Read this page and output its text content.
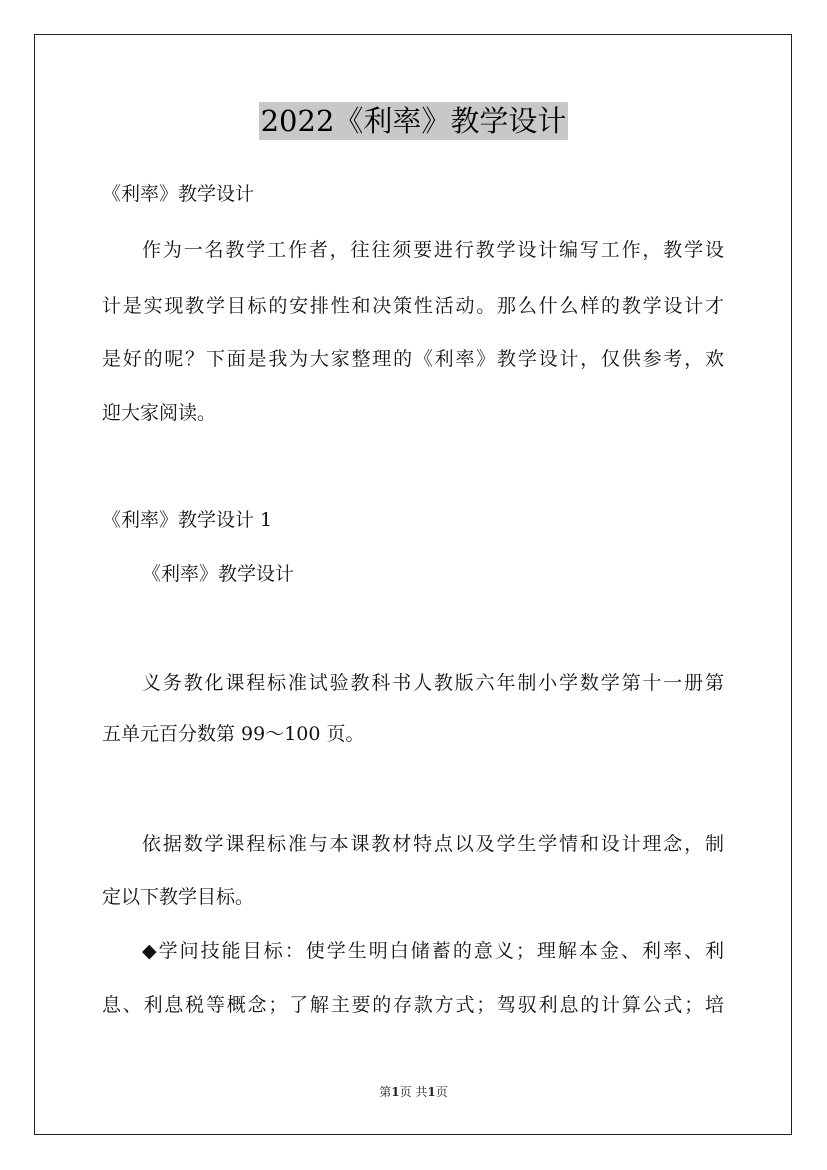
2022《利率》教学设计
《利率》教学设计
作为一名教学工作者，往往须要进行教学设计编写工作，教学设
计是实现教学目标的安排性和决策性活动。那么什么样的教学设计才
是好的呢？下面是我为大家整理的《利率》教学设计，仅供参考，欢
迎大家阅读。
《利率》教学设计 1
《利率》教学设计
义务教化课程标准试验教科书人教版六年制小学数学第十一册第
五单元百分数第 99～100 页。
依据数学课程标准与本课教材特点以及学生学情和设计理念，制
定以下教学目标。
◆学问技能目标：使学生明白储蓄的意义；理解本金、利率、利
息、利息税等概念；了解主要的存款方式；驾驭利息的计算公式；培
第1页 共1页
